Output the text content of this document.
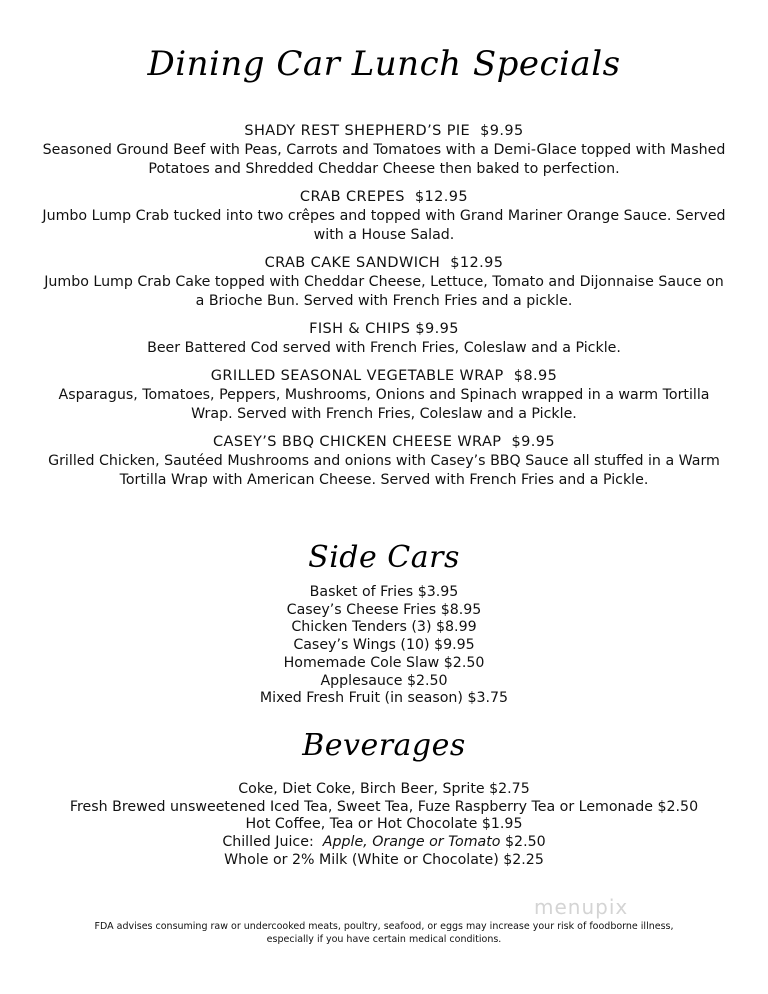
Dining Car Lunch Specials
SHADY REST SHEPHERD’S PIE $9.95
Seasoned Ground Beef with Peas, Carrots and Tomatoes with a Demi-Glace topped with Mashed Potatoes and Shredded Cheddar Cheese then baked to perfection.
CRAB CREPES $12.95
Jumbo Lump Crab tucked into two crêpes and topped with Grand Mariner Orange Sauce. Served with a House Salad.
CRAB CAKE SANDWICH $12.95
Jumbo Lump Crab Cake topped with Cheddar Cheese, Lettuce, Tomato and Dijonnaise Sauce on a Brioche Bun. Served with French Fries and a pickle.
FISH & CHIPS $9.95
Beer Battered Cod served with French Fries, Coleslaw and a Pickle.
GRILLED SEASONAL VEGETABLE WRAP $8.95
Asparagus, Tomatoes, Peppers, Mushrooms, Onions and Spinach wrapped in a warm Tortilla Wrap. Served with French Fries, Coleslaw and a Pickle.
CASEY’S BBQ CHICKEN CHEESE WRAP $9.95
Grilled Chicken, Sautéed Mushrooms and onions with Casey’s BBQ Sauce all stuffed in a Warm Tortilla Wrap with American Cheese. Served with French Fries and a Pickle.
Side Cars
Basket of Fries $3.95
Casey’s Cheese Fries $8.95
Chicken Tenders (3) $8.99
Casey’s Wings (10) $9.95
Homemade Cole Slaw $2.50
Applesauce $2.50
Mixed Fresh Fruit (in season) $3.75
Beverages
Coke, Diet Coke, Birch Beer, Sprite $2.75
Fresh Brewed unsweetened Iced Tea, Sweet Tea, Fuze Raspberry Tea or Lemonade $2.50
Hot Coffee, Tea or Hot Chocolate $1.95
Chilled Juice: Apple, Orange or Tomato $2.50
Whole or 2% Milk (White or Chocolate) $2.25
menupix
FDA advises consuming raw or undercooked meats, poultry, seafood, or eggs may increase your risk of foodborne illness,
especially if you have certain medical conditions.
